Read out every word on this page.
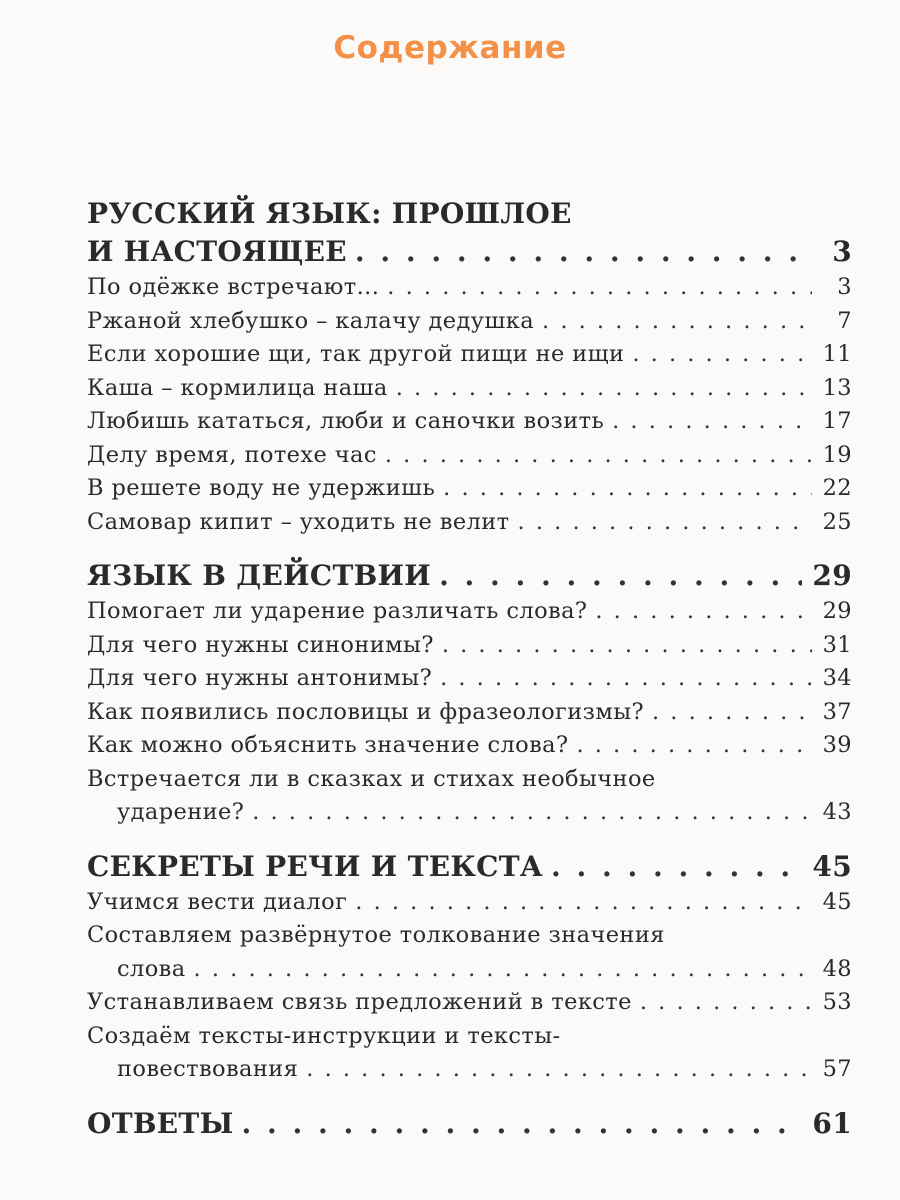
Содержание
РУССКИЙ ЯЗЫК: ПРОШЛОЕ
И НАСТОЯЩЕЕ . . .	3
По одёжке встречают... . . .	3
Ржаной хлебушко – калачу дедушка . . .	7
Если хорошие щи, так другой пищи не ищи . . .	11
Каша – кормилица наша . . .	13
Любишь кататься, люби и саночки возить . . .	17
Делу время, потехе час . . .	19
В решете воду не удержишь . . .	22
Самовар кипит – уходить не велит . . .	25
ЯЗЫК В ДЕЙСТВИИ . . .	29
Помогает ли ударение различать слова? . . .	29
Для чего нужны синонимы? . . .	31
Для чего нужны антонимы? . . .	34
Как появились пословицы и фразеологизмы? . . .	37
Как можно объяснить значение слова? . . .	39
Встречается ли в сказках и стихах необычное
ударение? . . .	43
СЕКРЕТЫ РЕЧИ И ТЕКСТА . . .	45
Учимся вести диалог . . .	45
Составляем развёрнутое толкование значения
слова . . .	48
Устанавливаем связь предложений в тексте . . .	53
Создаём тексты-инструкции и тексты-
повествования . . .	57
ОТВЕТЫ . . .	61
